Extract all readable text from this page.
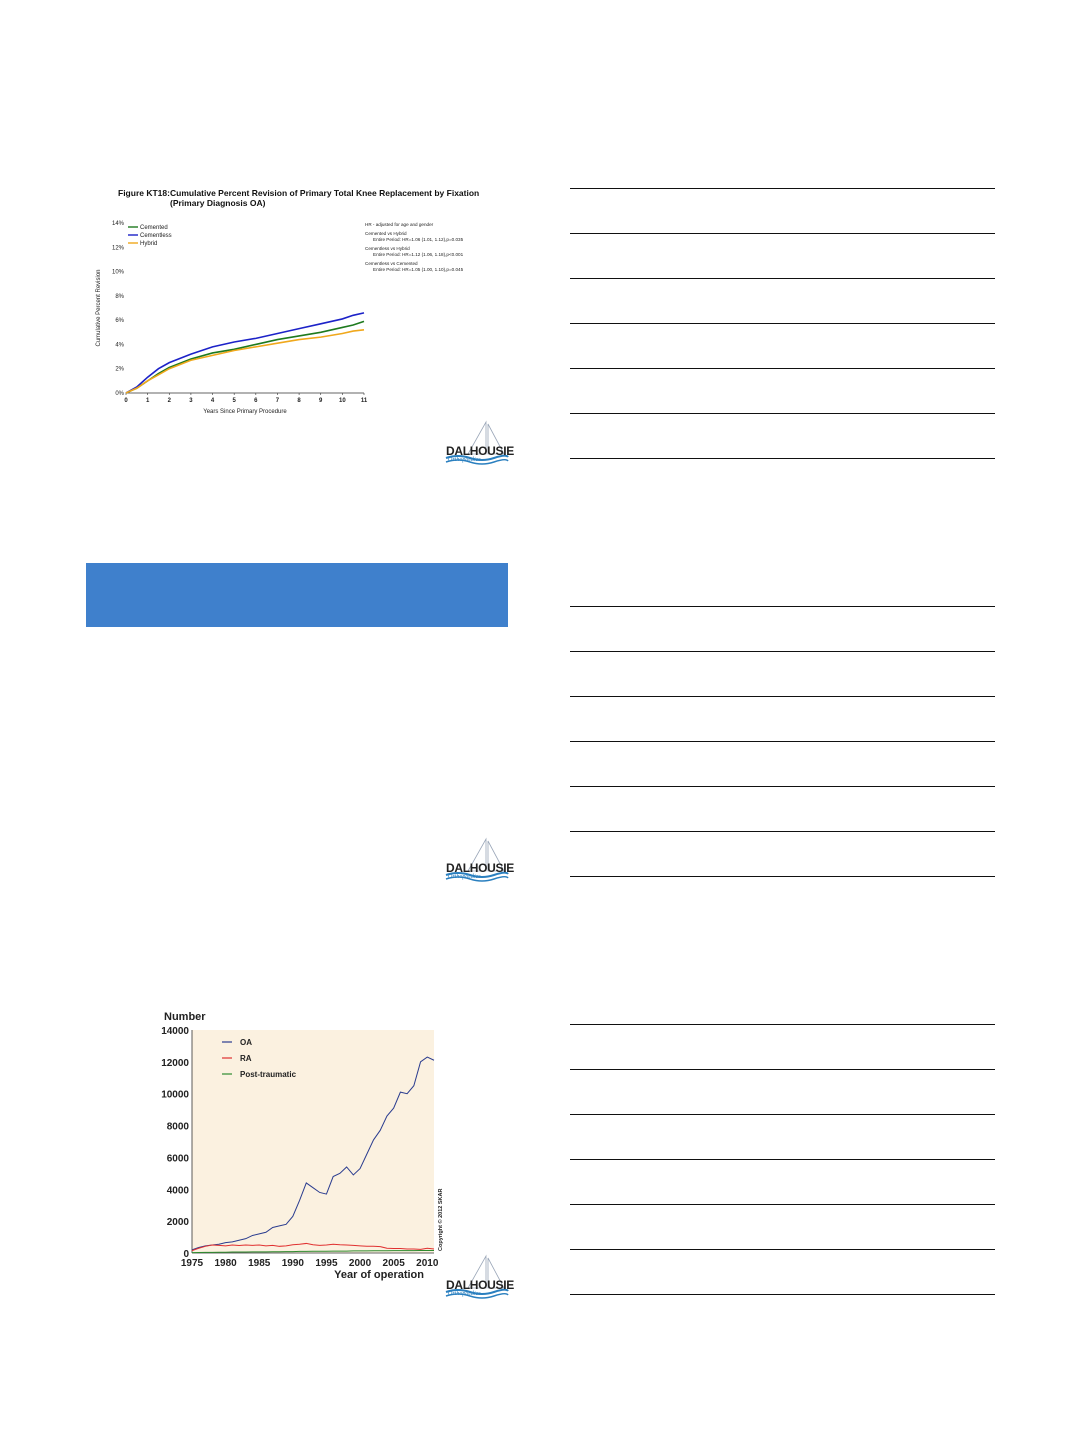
Figure KT18:Cumulative Percent Revision of Primary Total Knee Replacement by Fixation (Primary Diagnosis OA)
0%
2%
4%
6%
8%
10%
12%
14%
0	1	2	3	4	5	6	7	8	9	10	11
Years Since Primary Procedure
Cumulative Percent Revision
Cemented
Cementless
Hybrid
HR - adjusted for age and gender
Cemented vs Hybrid
Entire Period: HR=1.06 (1.01, 1.12),p=0.035
Cementless vs Hybrid
Entire Period: HR=1.12 (1.06, 1.18),p<0.001
Cementless vs Cemented
Entire Period: HR=1.05 (1.00, 1.10),p=0.045
DALHOUSIE
Orthopaedics
DALHOUSIE
Orthopaedics
Number
0
2000
4000
6000
8000
10000
12000
14000
1975 1980 1985 1990 1995 2000 2005 2010
Year of operation
OA
RA
Post-traumatic
Copyright © 2012 SKAR
DALHOUSIE
Orthopaedics
